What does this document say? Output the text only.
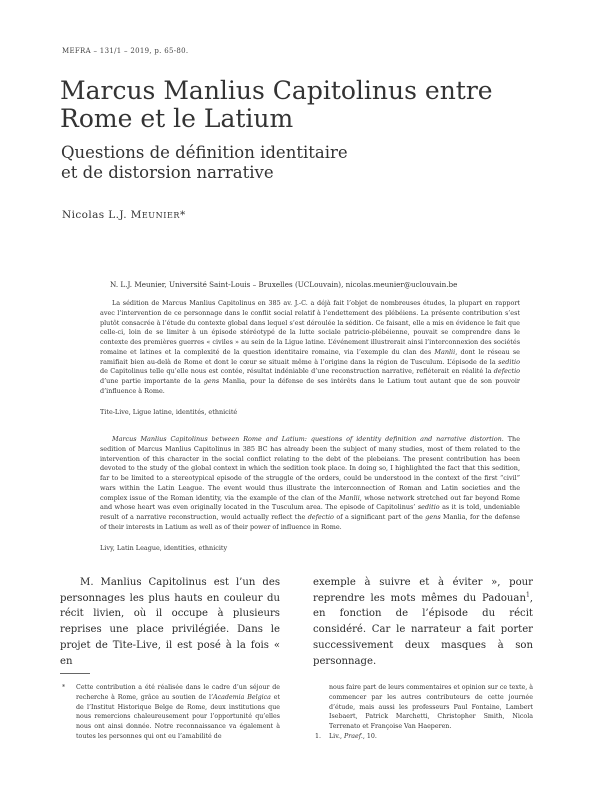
MEFRA – 131/1 – 2019, p. 65-80.
Marcus Manlius Capitolinus entre
Rome et le Latium
Questions de définition identitaire
et de distorsion narrative
Nicolas L.J. MEUNIER*
N. L.J. Meunier, Université Saint-Louis – Bruxelles (UCLouvain), nicolas.meunier@uclouvain.be

La sédition de Marcus Manlius Capitolinus en 385 av. J.-C. a déjà fait l’objet de nombreuses études, la plupart en rapport avec l’intervention de ce personnage dans le conflit social relatif à l’endettement des plébéiens. La présente contribution s’est plutôt consacrée à l’étude du contexte global dans lequel s’est déroulée la sédition. Ce faisant, elle a mis en évidence le fait que celle-ci, loin de se limiter à un épisode stéréotypé de la lutte sociale patricio-plébéienne, pouvait se comprendre dans le contexte des premières guerres « civiles » au sein de la Ligue latine. L’événement illustrerait ainsi l’interconnexion des sociétés romaine et latines et la complexité de la question identitaire romaine, via l’exemple du clan des Manlii, dont le réseau se ramifiait bien au-delà de Rome et dont le cœur se situait même à l’origine dans la région de Tusculum. L’épisode de la seditio de Capitolinus telle qu’elle nous est contée, résultat indéniable d’une reconstruction narrative, refléterait en réalité la defectio d’une partie importante de la gens Manlia, pour la défense de ses intérêts dans le Latium tout autant que de son pouvoir d’influence à Rome.

Tite-Live, Ligue latine, identités, ethnicité

Marcus Manlius Capitolinus between Rome and Latium: questions of identity definition and narrative distortion. The sedition of Marcus Manlius Capitolinus in 385 BC has already been the subject of many studies, most of them related to the intervention of this character in the social conflict relating to the debt of the plebeians. The present contribution has been devoted to the study of the global context in which the sedition took place. In doing so, I highlighted the fact that this sedition, far to be limited to a stereotypical episode of the struggle of the orders, could be understood in the context of the first “civil” wars within the Latin League. The event would thus illustrate the interconnection of Roman and Latin societies and the complex issue of the Roman identity, via the example of the clan of the Manlii, whose network stretched out far beyond Rome and whose heart was even originally located in the Tusculum area. The episode of Capitolinus’ seditio as it is told, undeniable result of a narrative reconstruction, would actually reflect the defectio of a significant part of the gens Manlia, for the defense of their interests in Latium as well as of their power of influence in Rome.

Livy, Latin League, identities, ethnicity

M. Manlius Capitolinus est l’un des personnages les plus hauts en couleur du récit livien, où il occupe à plusieurs reprises une place privilégiée. Dans le projet de Tite-Live, il est posé à la fois « en

exemple à suivre et à éviter », pour reprendre les mots mêmes du Padouan$^1$, en fonction de l’épisode du récit considéré. Car le narrateur a fait porter successivement deux masques à son personnage.

*	Cette contribution a été réalisée dans le cadre d’un séjour de recherche à Rome, grâce au soutien de l’Academia Belgica et de l’Institut Historique Belge de Rome, deux institutions que nous remercions chaleureusement pour l’opportunité qu’elles nous ont ainsi donnée. Notre reconnaissance va également à toutes les personnes qui ont eu l’amabilité de
nous faire part de leurs commentaires et opinion sur ce texte, à commencer par les autres contributeurs de cette journée d’étude, mais aussi les professeurs Paul Fontaine, Lambert Isebaert, Patrick Marchetti, Christopher Smith, Nicola Terrenato et Françoise Van Haeperen.
1.	Liv., Praef., 10.
